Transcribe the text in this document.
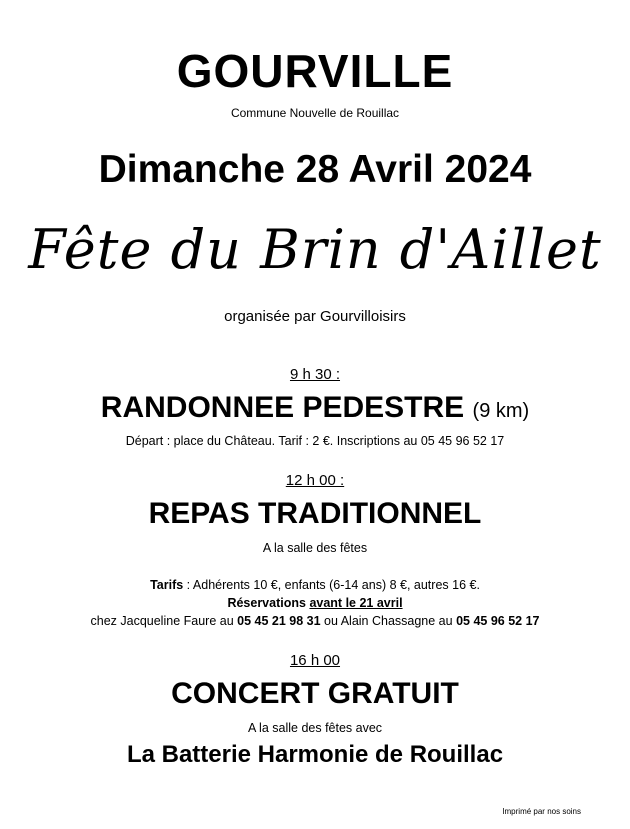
GOURVILLE
Commune Nouvelle de Rouillac
Dimanche 28 Avril 2024
Fête du Brin d'Aillet
organisée par Gourvilloisirs
9 h 30 :
RANDONNEE PEDESTRE (9 km)
Départ : place du Château. Tarif : 2 €. Inscriptions au 05 45 96 52 17
12 h 00 :
REPAS TRADITIONNEL
A la salle des fêtes
Tarifs : Adhérents 10 €, enfants (6-14 ans) 8 €, autres 16 €.
Réservations avant le 21 avril
chez Jacqueline Faure au 05 45 21 98 31 ou Alain Chassagne au 05 45 96 52 17
16 h 00
CONCERT GRATUIT
A la salle des fêtes avec
La Batterie Harmonie de Rouillac
Imprimé par nos soins
